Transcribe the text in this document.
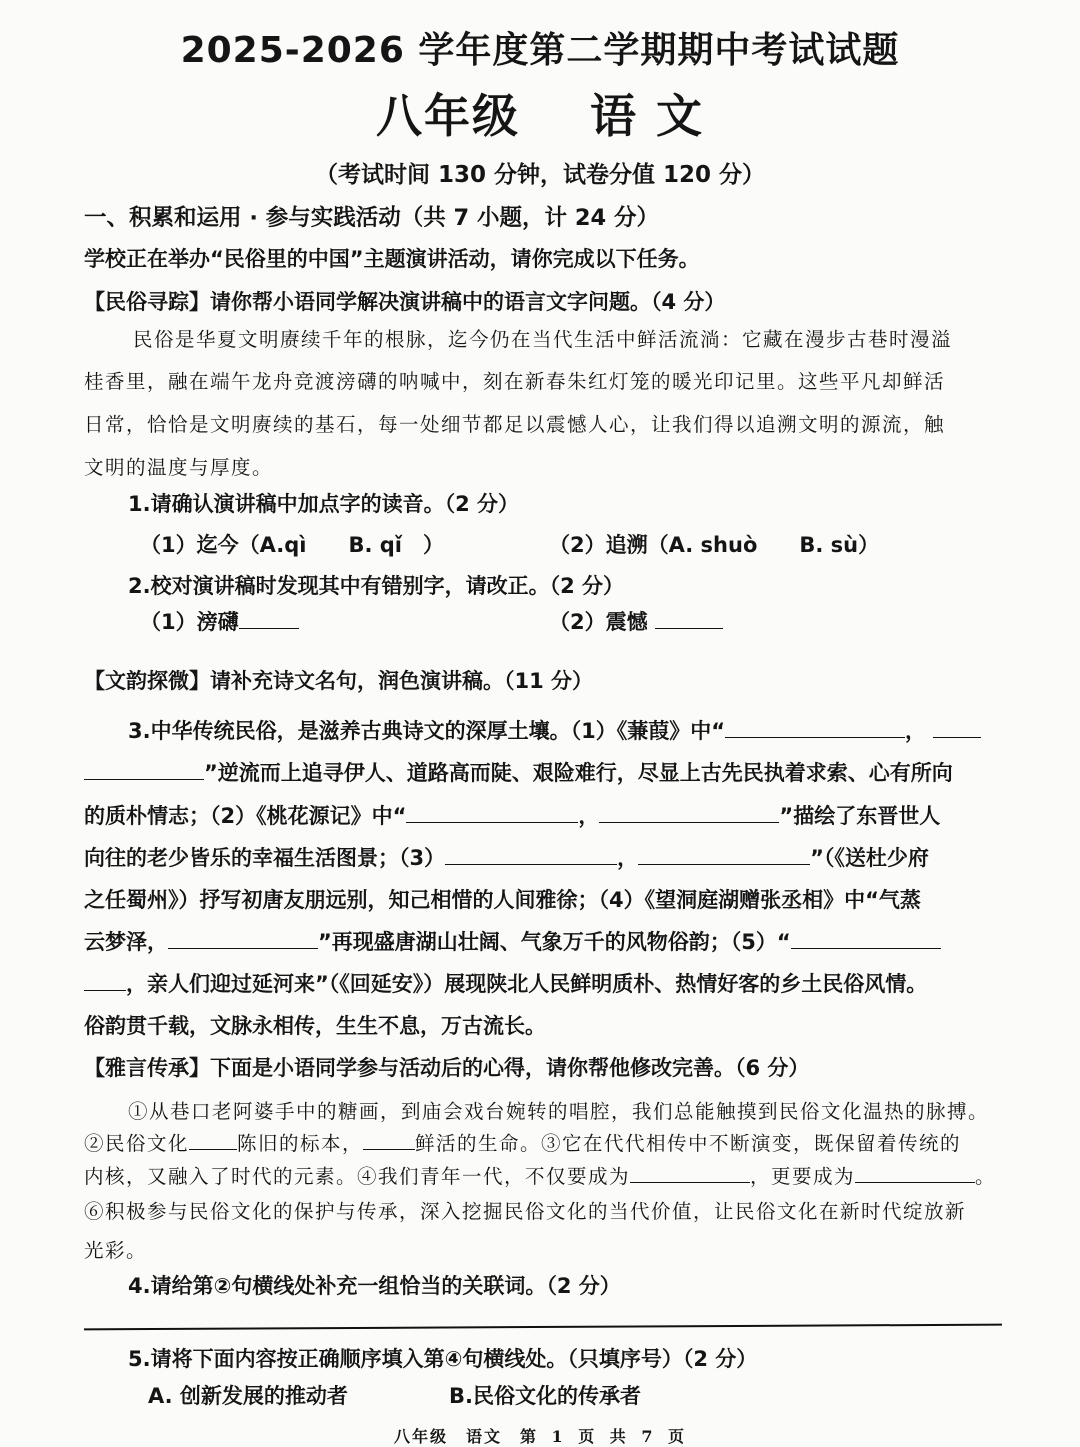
2025-2026 学年度第二学期期中考试试题
八年级 语 文
（考试时间 130 分钟，试卷分值 120 分）
一、积累和运用 · 参与实践活动（共 7 小题，计 24 分）
学校正在举办“民俗里的中国”主题演讲活动，请你完成以下任务。
【民俗寻踪】请你帮小语同学解决演讲稿中的语言文字问题。（4 分）
民俗是华夏文明赓续千年的根脉，迄今仍在当代生活中鲜活流淌：它藏在漫步古巷时漫溢
桂香里，融在端午龙舟竞渡滂礴的呐喊中，刻在新春朱红灯笼的暖光印记里。这些平凡却鲜活
日常，恰恰是文明赓续的基石，每一处细节都足以震憾人心，让我们得以追溯文明的源流，触
文明的温度与厚度。
1.请确认演讲稿中加点字的读音。（2 分）
（1）迄今（A.qì　　B. qǐ　）	（2）追溯（A. shuò　　B. sù）
2.校对演讲稿时发现其中有错别字，请改正。（2 分）
（1）滂礴	（2）震憾
【文韵探微】请补充诗文名句，润色演讲稿。（11 分）
3.中华传统民俗，是滋养古典诗文的深厚土壤。（1）《蒹葭》中“	，
”逆流而上追寻伊人、道路高而陡、艰险难行，尽显上古先民执着求索、心有所向
的质朴情志；（2）《桃花源记》中“	，	”描绘了东晋世人
向往的老少皆乐的幸福生活图景；（3）	，	”（《送杜少府
之任蜀州》）抒写初唐友朋远别，知己相惜的人间雅徐；（4）《望洞庭湖赠张丞相》中“气蒸
云梦泽，	”再现盛唐湖山壮阔、气象万千的风物俗韵；（5）“
，亲人们迎过延河来”（《回延安》）展现陕北人民鲜明质朴、热情好客的乡土民俗风情。
俗韵贯千载，文脉永相传，生生不息，万古流长。
【雅言传承】下面是小语同学参与活动后的心得，请你帮他修改完善。（6 分）
①从巷口老阿婆手中的糖画，到庙会戏台婉转的唱腔，我们总能触摸到民俗文化温热的脉搏。
②民俗文化 陈旧的标本，	鲜活的生命。③它在代代相传中不断演变，既保留着传统的
内核，又融入了时代的元素。④我们青年一代，不仅要成为	，更要成为	。
⑥积极参与民俗文化的保护与传承，深入挖掘民俗文化的当代价值，让民俗文化在新时代绽放新
光彩。
4.请给第②句横线处补充一组恰当的关联词。（2 分）
5.请将下面内容按正确顺序填入第④句横线处。（只填序号）（2 分）
A. 创新发展的推动者	B.民俗文化的传承者
八年级　语文　第 1 页 共 7 页
